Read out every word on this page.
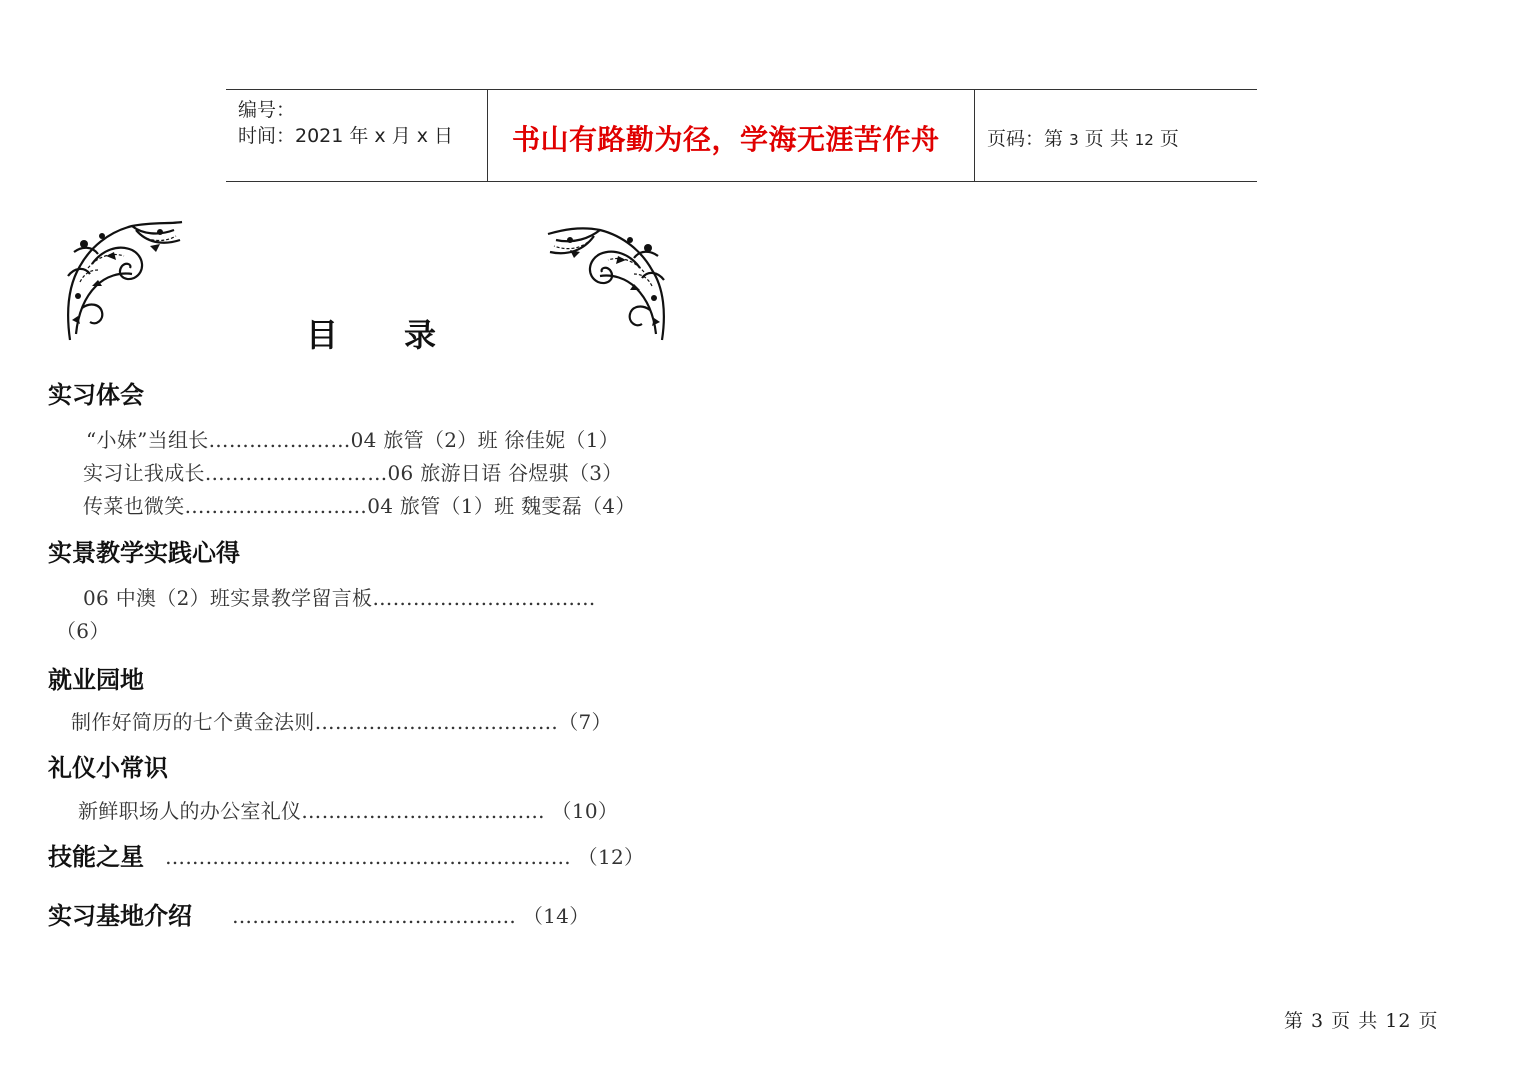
编号：
时间：2021 年 x 月 x 日 书山有路勤为径，学海无涯苦作舟 页码：第 3 页 共 12 页
目录
实习体会
“小妹”当组长…………………04 旅管（2）班 徐佳妮（1）
实习让我成长………………………06 旅游日语 谷煜骐（3）
传菜也微笑………………………04 旅管（1）班 魏雯磊（4）
实景教学实践心得
06 中澳（2）班实景教学留言板……………………………
（6）
就业园地
制作好简历的七个黄金法则………………………………（7）
礼仪小常识
新鲜职场人的办公室礼仪……………………………… （10）
技能之星 …………………………………………………… （12）
实习基地介绍 …………………………………… （14）
第 3 页 共 12 页
